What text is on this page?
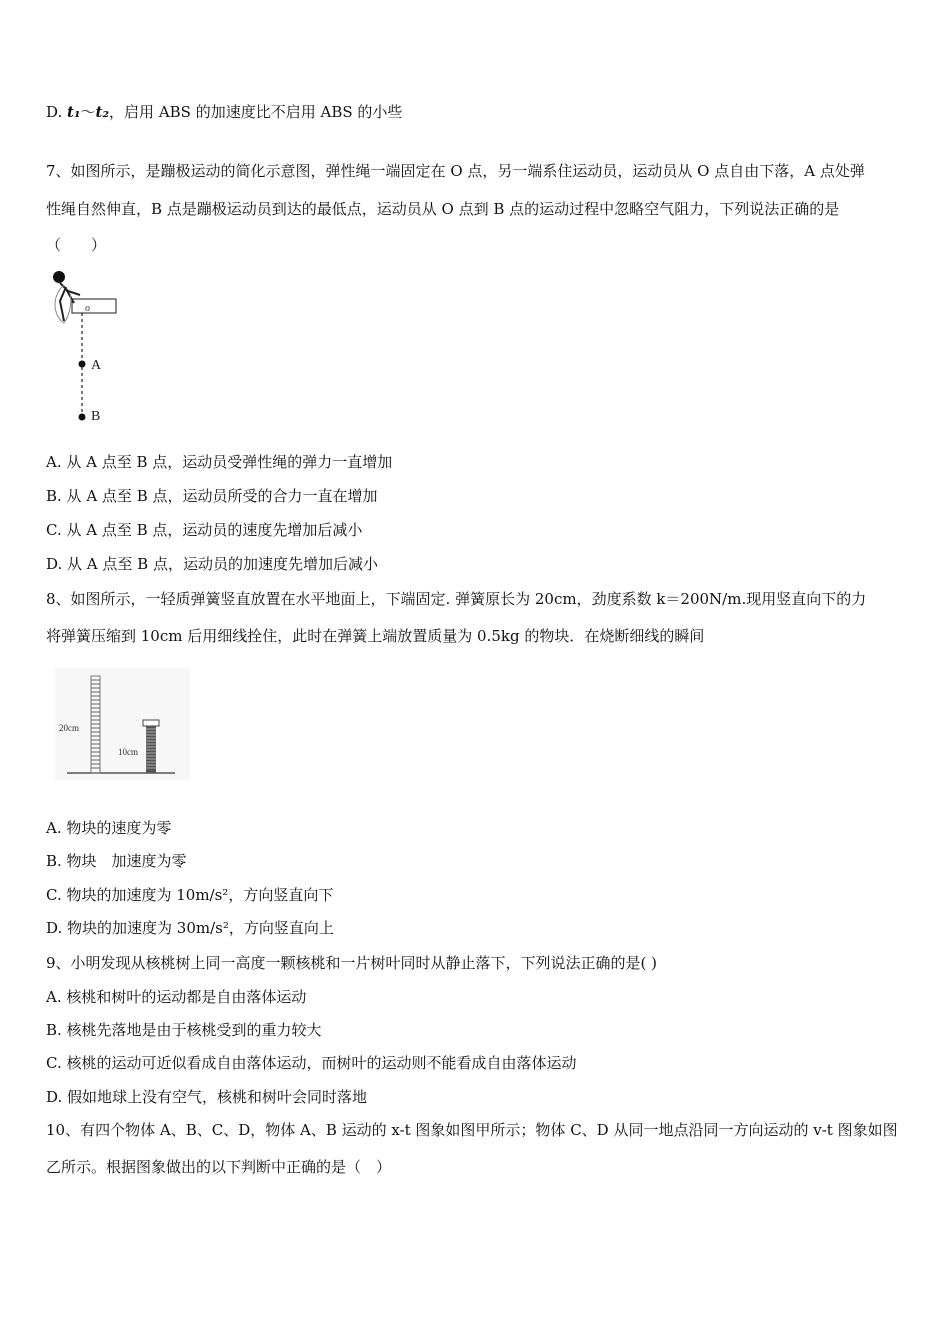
D. t₁～t₂，启用 ABS 的加速度比不启用 ABS 的小些
7、如图所示，是蹦极运动的简化示意图，弹性绳一端固定在 O 点，另一端系住运动员，运动员从 O 点自由下落，A 点处弹
性绳自然伸直，B 点是蹦极运动员到达的最低点，运动员从 O 点到 B 点的运动过程中忽略空气阻力，下列说法正确的是
（　　）
o
A
B
A. 从 A 点至 B 点，运动员受弹性绳的弹力一直增加
B. 从 A 点至 B 点，运动员所受的合力一直在增加
C. 从 A 点至 B 点，运动员的速度先增加后减小
D. 从 A 点至 B 点，运动员的加速度先增加后减小
8、如图所示，一轻质弹簧竖直放置在水平地面上，下端固定. 弹簧原长为 20cm，劲度系数 k＝200N/m.现用竖直向下的力
将弹簧压缩到 10cm 后用细线拴住，此时在弹簧上端放置质量为 0.5kg 的物块．在烧断细线的瞬间
20cm
10cm
A. 物块的速度为零
B. 物块　加速度为零
C. 物块的加速度为 10m/s²，方向竖直向下
D. 物块的加速度为 30m/s²，方向竖直向上
9、小明发现从核桃树上同一高度一颗核桃和一片树叶同时从静止落下，下列说法正确的是( )
A. 核桃和树叶的运动都是自由落体运动
B. 核桃先落地是由于核桃受到的重力较大
C. 核桃的运动可近似看成自由落体运动，而树叶的运动则不能看成自由落体运动
D. 假如地球上没有空气，核桃和树叶会同时落地
10、有四个物体 A、B、C、D，物体 A、B 运动的 x-t 图象如图甲所示；物体 C、D 从同一地点沿同一方向运动的 v-t 图象如图
乙所示。根据图象做出的以下判断中正确的是（　）
